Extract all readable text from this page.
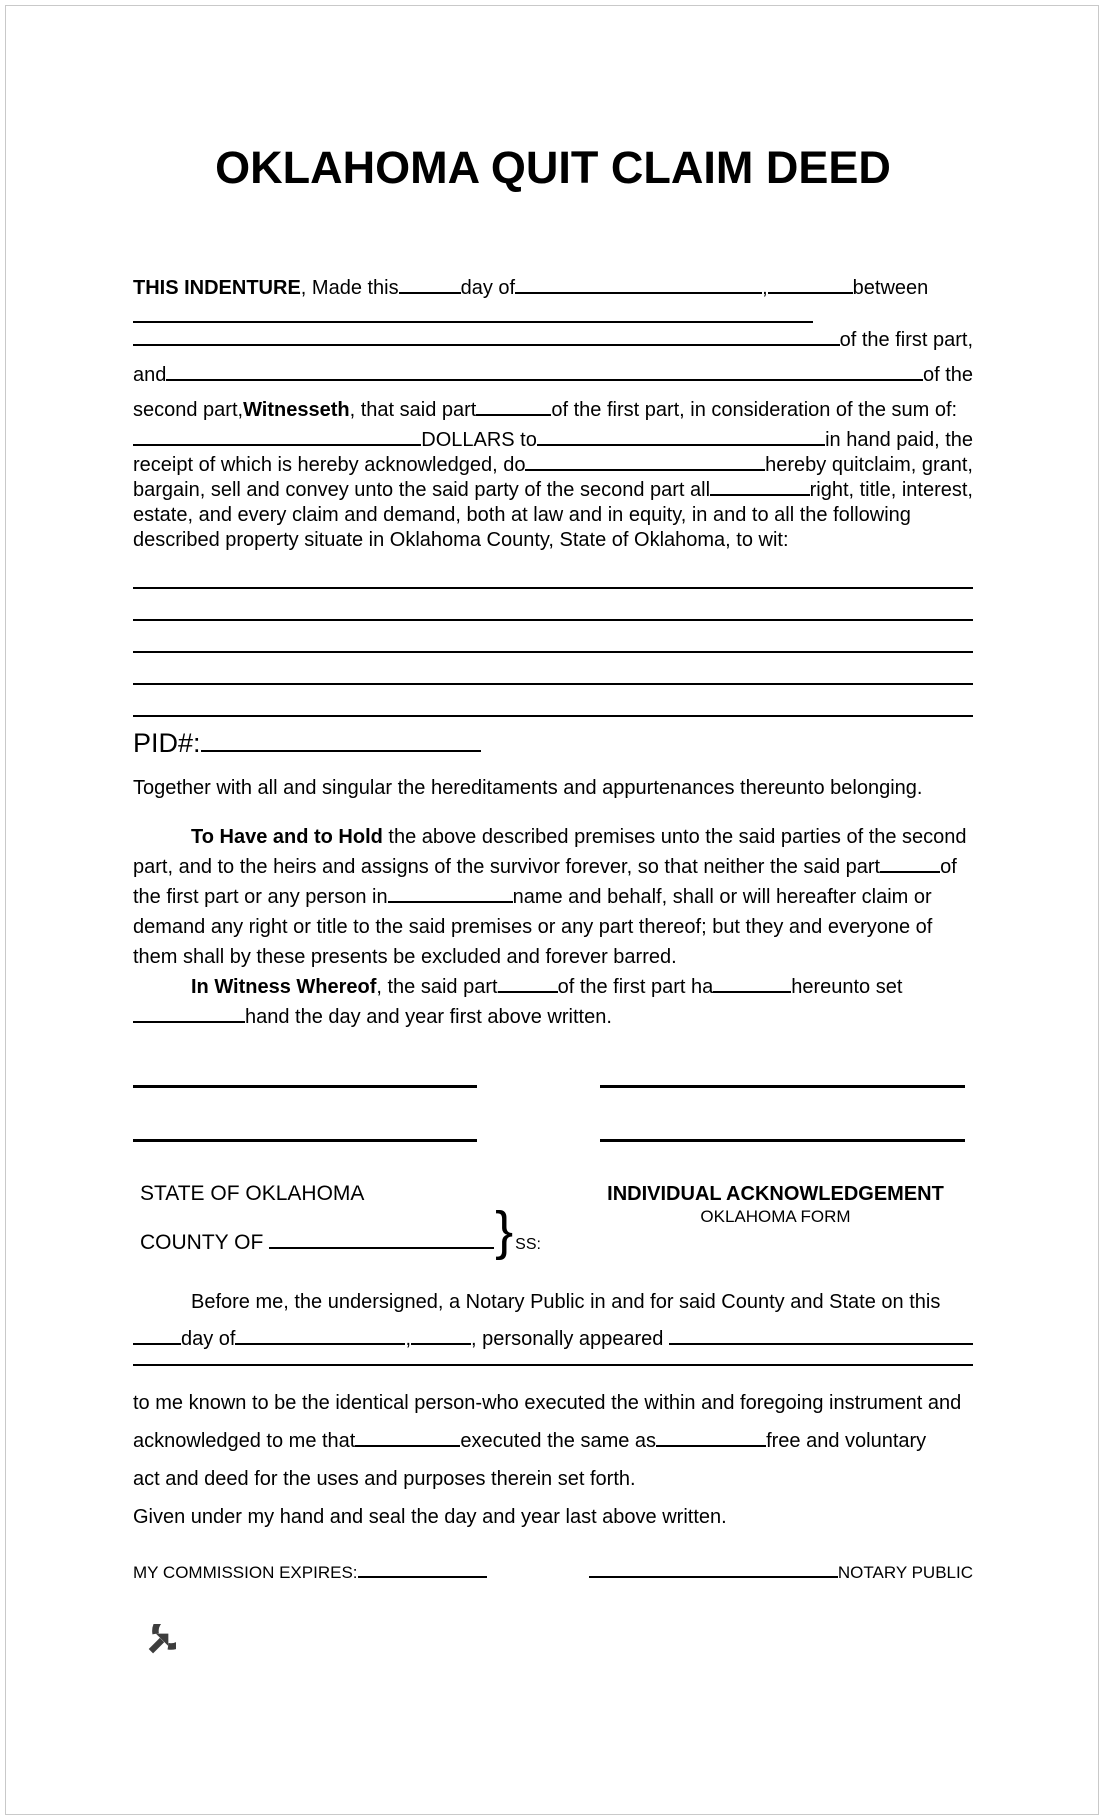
OKLAHOMA QUIT CLAIM DEED
THIS INDENTURE , Made this	day of	,	between
of the first part,
and	of the
second part, Witnesseth , that said part	of the first part, in consideration of the sum of:
DOLLARS to	in hand paid, the
receipt of which is hereby acknowledged, do	hereby quitclaim, grant,
bargain, sell and convey unto the said party of the second part all	right, title, interest,
estate, and every claim and demand, both at law and in equity, in and to all the following
described property situate in Oklahoma County, State of Oklahoma, to wit:
PID#:
Together with all and singular the hereditaments and appurtenances thereunto belonging.

To Have and to Hold the above described premises unto the said parties of the second part, and to the heirs and assigns of the survivor forever, so that neither the said part	of the first part or any person in	name and behalf, shall or will hereafter claim or demand any right or title to the said premises or any part thereof; but they and everyone of them shall by these presents be excluded and forever barred.

In Witness Whereof, the said part	of the first part ha	hereunto sethand the day and year first above written.

STATE OF OKLAHOMA
COUNTY OF	} SS:
INDIVIDUAL ACKNOWLEDGEMENT
OKLAHOMA FORM
Before me, the undersigned, a Notary Public in and for said County and State on this
day of	,	, personally appeared
to me known to be the identical person-who executed the within and foregoing instrument and
acknowledged to me that	executed the same as	free and voluntary
act and deed for the uses and purposes therein set forth.
Given under my hand and seal the day and year last above written.
MY COMMISSION EXPIRES:	NOTARY PUBLIC
